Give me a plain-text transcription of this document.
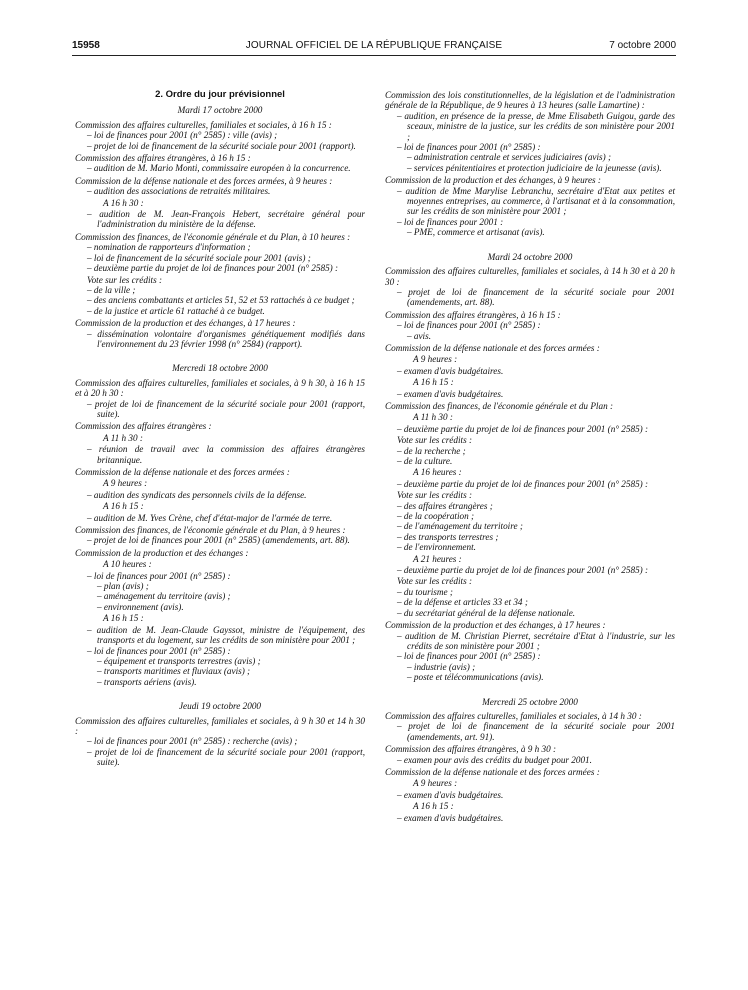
15958	JOURNAL OFFICIEL DE LA RÉPUBLIQUE FRANÇAISE	7 octobre 2000
2. Ordre du jour prévisionnel
Mardi 17 octobre 2000
Commission des affaires culturelles, familiales et sociales, à 16 h 15 :
– loi de finances pour 2001 (n° 2585) : ville (avis) ;
– projet de loi de financement de la sécurité sociale pour 2001 (rapport).
Commission des affaires étrangères, à 16 h 15 :
– audition de M. Mario Monti, commissaire européen à la concurrence.
Commission de la défense nationale et des forces armées, à 9 heures :
– audition des associations de retraités militaires.
A 16 h 30 :
– audition de M. Jean-François Hebert, secrétaire général pour l'administration du ministère de la défense.
Commission des finances, de l'économie générale et du Plan, à 10 heures :
– nomination de rapporteurs d'information ;
– loi de financement de la sécurité sociale pour 2001 (avis) ;
– deuxième partie du projet de loi de finances pour 2001 (n° 2585) :
Vote sur les crédits :
– de la ville ;
– des anciens combattants et articles 51, 52 et 53 rattachés à ce budget ;
– de la justice et article 61 rattaché à ce budget.
Commission de la production et des échanges, à 17 heures :
– dissémination volontaire d'organismes génétiquement modifiés dans l'environnement du 23 février 1998 (n° 2584) (rapport).
Mercredi 18 octobre 2000
Commission des affaires culturelles, familiales et sociales, à 9 h 30, à 16 h 15 et à 20 h 30 :
– projet de loi de financement de la sécurité sociale pour 2001 (rapport, suite).
Commission des affaires étrangères :
A 11 h 30 :
– réunion de travail avec la commission des affaires étrangères britannique.
Commission de la défense nationale et des forces armées :
A 9 heures :
– audition des syndicats des personnels civils de la défense.
A 16 h 15 :
– audition de M. Yves Crène, chef d'état-major de l'armée de terre.
Commission des finances, de l'économie générale et du Plan, à 9 heures :
– projet de loi de finances pour 2001 (n° 2585) (amendements, art. 88).
Commission de la production et des échanges :
A 10 heures :
– loi de finances pour 2001 (n° 2585) :
– plan (avis) ;
– aménagement du territoire (avis) ;
– environnement (avis).
A 16 h 15 :
– audition de M. Jean-Claude Gayssot, ministre de l'équipement, des transports et du logement, sur les crédits de son ministère pour 2001 ;
– loi de finances pour 2001 (n° 2585) :
– équipement et transports terrestres (avis) ;
– transports maritimes et fluviaux (avis) ;
– transports aériens (avis).
Jeudi 19 octobre 2000
Commission des affaires culturelles, familiales et sociales, à 9 h 30 et 14 h 30 :
– loi de finances pour 2001 (n° 2585) : recherche (avis) ;
– projet de loi de financement de la sécurité sociale pour 2001 (rapport, suite).
Commission des lois constitutionnelles, de la législation et de l'administration générale de la République, de 9 heures à 13 heures (salle Lamartine) :
– audition, en présence de la presse, de Mme Elisabeth Guigou, garde des sceaux, ministre de la justice, sur les crédits de son ministère pour 2001 ;
– loi de finances pour 2001 (n° 2585) :
– administration centrale et services judiciaires (avis) ;
– services pénitentiaires et protection judiciaire de la jeunesse (avis).
Commission de la production et des échanges, à 9 heures :
– audition de Mme Marylise Lebranchu, secrétaire d'Etat aux petites et moyennes entreprises, au commerce, à l'artisanat et à la consommation, sur les crédits de son ministère pour 2001 ;
– loi de finances pour 2001 :
– PME, commerce et artisanat (avis).
Mardi 24 octobre 2000
Commission des affaires culturelles, familiales et sociales, à 14 h 30 et à 20 h 30 :
– projet de loi de financement de la sécurité sociale pour 2001 (amendements, art. 88).
Commission des affaires étrangères, à 16 h 15 :
– loi de finances pour 2001 (n° 2585) :
– avis.
Commission de la défense nationale et des forces armées :
A 9 heures :
– examen d'avis budgétaires.
A 16 h 15 :
– examen d'avis budgétaires.
Commission des finances, de l'économie générale et du Plan :
A 11 h 30 :
– deuxième partie du projet de loi de finances pour 2001 (n° 2585) :
Vote sur les crédits :
– de la recherche ;
– de la culture.
A 16 heures :
– deuxième partie du projet de loi de finances pour 2001 (n° 2585) :
Vote sur les crédits :
– des affaires étrangères ;
– de la coopération ;
– de l'aménagement du territoire ;
– des transports terrestres ;
– de l'environnement.
A 21 heures :
– deuxième partie du projet de loi de finances pour 2001 (n° 2585) :
Vote sur les crédits :
– du tourisme ;
– de la défense et articles 33 et 34 ;
– du secrétariat général de la défense nationale.
Commission de la production et des échanges, à 17 heures :
– audition de M. Christian Pierret, secrétaire d'Etat à l'industrie, sur les crédits de son ministère pour 2001 ;
– loi de finances pour 2001 (n° 2585) :
– industrie (avis) ;
– poste et télécommunications (avis).
Mercredi 25 octobre 2000
Commission des affaires culturelles, familiales et sociales, à 14 h 30 :
– projet de loi de financement de la sécurité sociale pour 2001 (amendements, art. 91).
Commission des affaires étrangères, à 9 h 30 :
– examen pour avis des crédits du budget pour 2001.
Commission de la défense nationale et des forces armées :
A 9 heures :
– examen d'avis budgétaires.
A 16 h 15 :
– examen d'avis budgétaires.
